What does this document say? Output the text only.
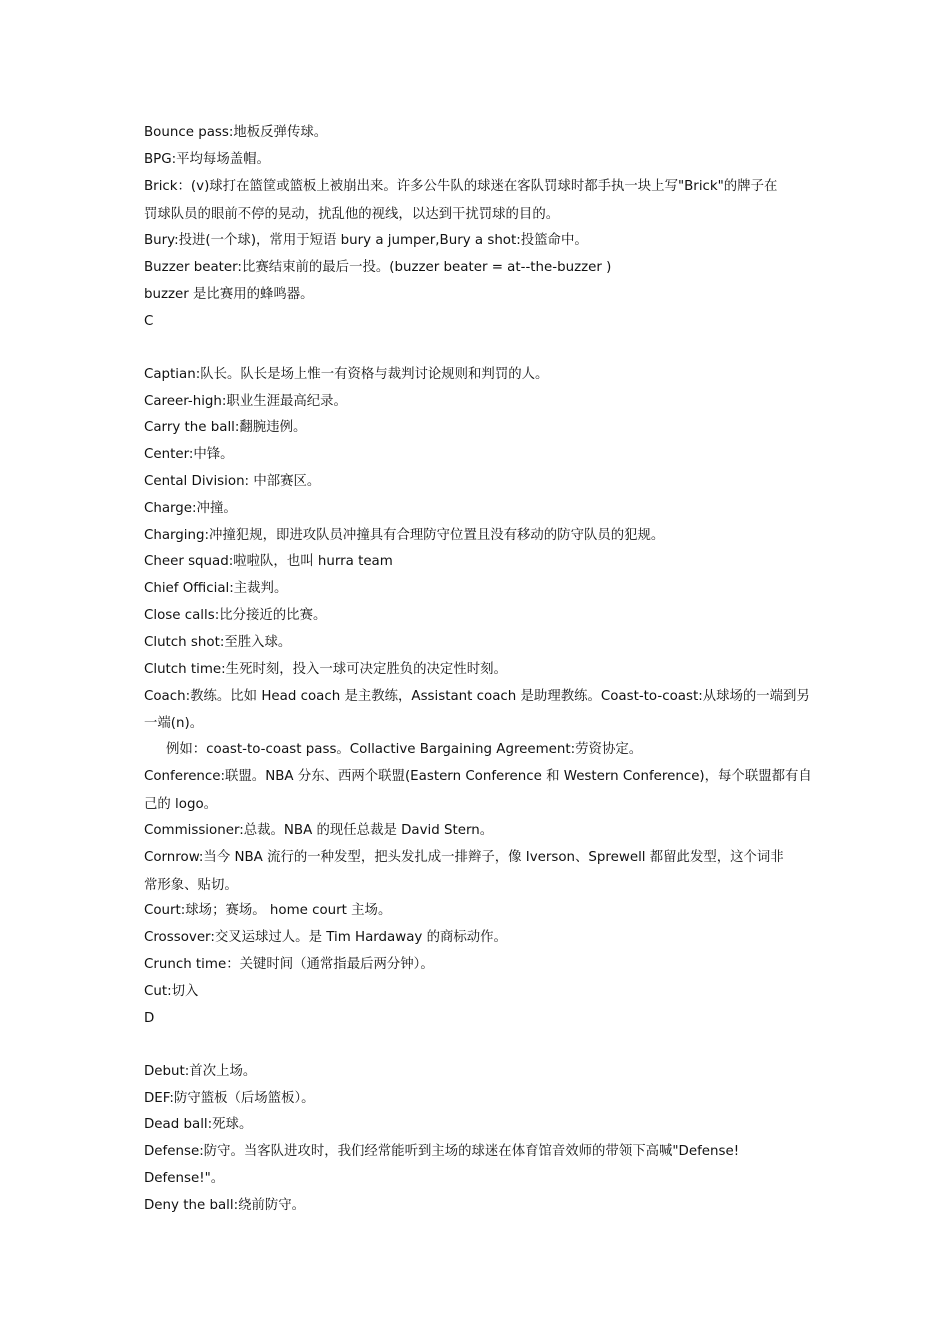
Bounce pass:地板反弹传球。
BPG:平均每场盖帽。
Brick：(v)球打在篮筐或篮板上被崩出来。许多公牛队的球迷在客队罚球时都手执一块上写"Brick"的牌子在
罚球队员的眼前不停的晃动，扰乱他的视线，以达到干扰罚球的目的。
Bury:投进(一个球)，常用于短语 bury a jumper,Bury a shot:投篮命中。
Buzzer beater:比赛结束前的最后一投。(buzzer beater = at--the-buzzer )
buzzer 是比赛用的蜂鸣器。
C
Captian:队长。队长是场上惟一有资格与裁判讨论规则和判罚的人。
Career-high:职业生涯最高纪录。
Carry the ball:翻腕违例。
Center:中锋。
Cental Division: 中部赛区。
Charge:冲撞。
Charging:冲撞犯规，即进攻队员冲撞具有合理防守位置且没有移动的防守队员的犯规。
Cheer squad:啦啦队，也叫 hurra team
Chief Official:主裁判。
Close calls:比分接近的比赛。
Clutch shot:至胜入球。
Clutch time:生死时刻，投入一球可决定胜负的决定性时刻。
Coach:教练。比如 Head coach 是主教练，Assistant coach 是助理教练。Coast-to-coast:从球场的一端到另
一端(n)。
例如：coast-to-coast pass。Collactive Bargaining Agreement:劳资协定。
Conference:联盟。NBA 分东、西两个联盟(Eastern Conference 和 Western Conference)，每个联盟都有自
己的 logo。
Commissioner:总裁。NBA 的现任总裁是 David Stern。
Cornrow:当今 NBA 流行的一种发型，把头发扎成一排辫子，像 Iverson、Sprewell 都留此发型，这个词非
常形象、贴切。
Court:球场；赛场。 home court 主场。
Crossover:交叉运球过人。是 Tim Hardaway 的商标动作。
Crunch time：关键时间（通常指最后两分钟）。
Cut:切入
D
Debut:首次上场。
DEF:防守篮板（后场篮板）。
Dead ball:死球。
Defense:防守。当客队进攻时，我们经常能听到主场的球迷在体育馆音效师的带领下高喊"Defense!
Defense!"。
Deny the ball:绕前防守。
